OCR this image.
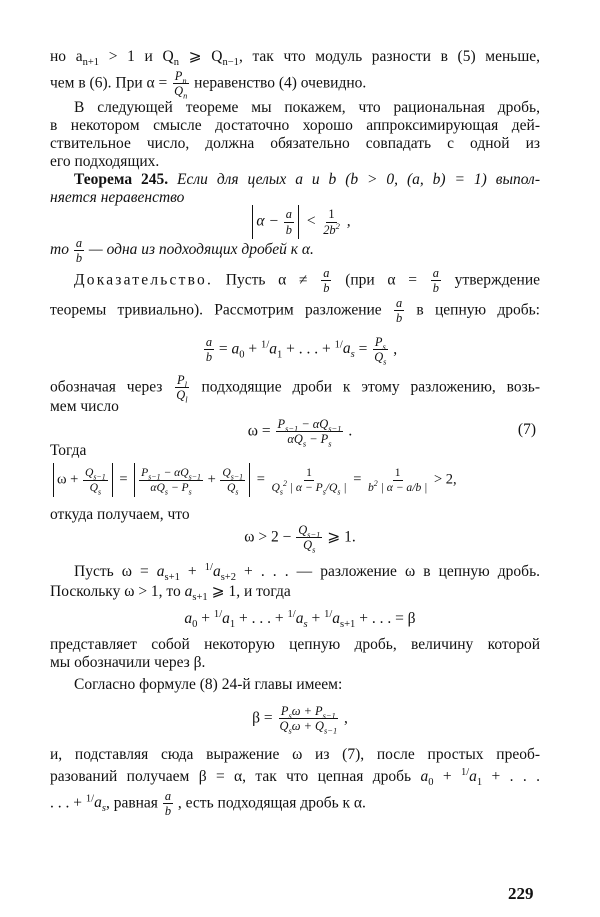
но $a_{n+1} > 1$ и $Q_n$ ⩾ $Q_{n-1}$, так что модуль разности в (5) меньше,
чем в (6). При $\alpha = \frac{P_n}{Q_n}$ неравенство (4) очевидно.
В следующей теореме мы покажем, что рациональная дробь,
в некотором смысле достаточно хорошо аппроксимирующая дей-
ствительное число, должна обязательно совпадать с одной из
его подходящих.
Теорема 245. Если для целых a и b (b > 0, (a, b) = 1) выпол-
няется неравенство
$\alpha - \frac{a}{b} < \frac{1}{2b^2}$ ,
то $\frac{a}{b}$ — одна из подходящих дробей к α.
Доказательство. Пусть $\alpha \ne \frac{a}{b} (при$ $\alpha = \frac{a}{b}$ утверждение
теоремы тривиально). Рассмотрим разложение $\frac{a}{b}$ в цепную дробь:
$\frac{a}{b} = a_0 + ^{1/}a_1$ + . . . + $^{1/}a_s = \frac{P_s}{Q_s}$ ,
обозначая через $\frac{P_l}{Q_l}$ подходящие дроби к этому разложению, возь-
мем число
$\omega = \frac{P_{s-1} - \alpha Q_{s-1}}{\alpha Q_s - P_s}$ .	(7)
Тогда
$\omega + \frac{Q_{s-1}}{Q_s} = \frac{P_{s-1} - \alpha Q_{s-1}}{\alpha Q_s - P_s} + \frac{Q_{s-1}}{Q_s} = \frac{1}{Q_s^2 | \alpha - P_s/Q_s |} = \frac{1}{b^2 | \alpha - a/b |} > 2$,
откуда получаем, что
$\omega > 2 - \frac{Q_{s-1}}{Q_s}$ ⩾ 1.
Пусть $\omega = a_{s+1} + ^{1/}a_{s+2}$ + . . . — разложение ω в цепную дробь.
Поскольку ω > 1, то $a_{s+1}$ ⩾ 1, и тогда
$a_0 + ^{1/}a_1$ + . . . + $^{1/}a_s + ^{1/}a_{s+1}$ + . . . = β
представляет собой некоторую цепную дробь, величину которой
мы обозначили через β.
Согласно формуле (8) 24-й главы имеем:
$\beta = \frac{P_s\omega + P_{s-1}}{Q_s\omega + Q_{s-1}}$ ,
и, подставляя сюда выражение ω из (7), после простых преоб-
разований получаем β = α, так что цепная дробь $a_0 + ^{1/}a_1$ + . . .
. . . + $^{1/}a_s$, равная $\frac{a}{b}$ , есть подходящая дробь к α.
229
